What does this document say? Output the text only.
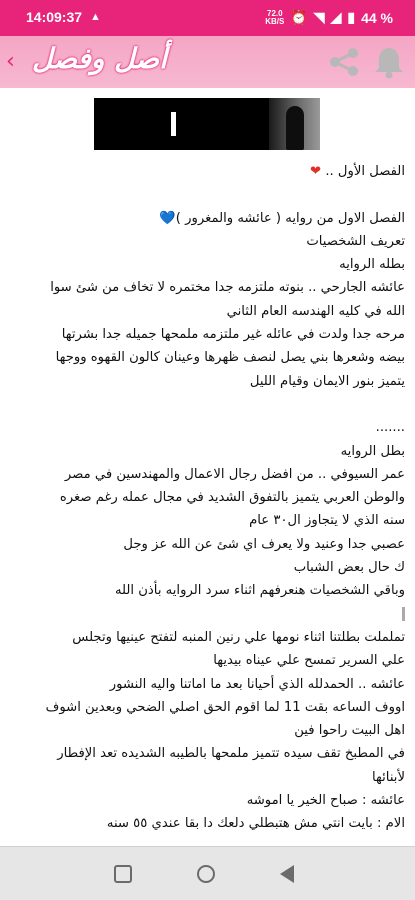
14:09:37 ▲	72.0
KB/S ⏰ ◥ ◢ ▮ 44 %
‹ أصل وفصل
الفصل الأول .. ❤
الفصل الاول من روايه ( عائشه والمغرور )💙
تعريف الشخصيات
بطله الروايه
عائشه الجارحي .. بنوته ملتزمه جدا مختمره لا تخاف من شئ سوا
الله في كليه الهندسه العام الثاني
مرحه جدا ولدت في عائله غير ملتزمه ملمحها جميله جدا بشرتها
بيضه وشعرها بني يصل لنصف ظهرها وعينان كالون القهوه ووجها
يتميز بنور الايمان وقيام الليل
.......
بطل الروايه
عمر السيوفي .. من افضل رجال الاعمال والمهندسين في مصر
والوطن العربي يتميز بالتفوق الشديد في مجال عمله رغم صغره
سنه الذي لا يتجاوز ال٣٠ عام
عصبي جدا وعنيد ولا يعرف اي شئ عن الله عز وجل
ك حال بعض الشباب
وباقي الشخصيات هنعرفهم اثناء سرد الروايه بأذن الله
تململت بطلتنا اثناء نومها علي رنين المنبه لتفتح عينيها وتجلس
علي السرير تمسح علي عيناه بيديها
عائشه .. الحمدلله الذي أحيانا بعد ما اماتنا واليه النشور
اووف الساعه بقت 11 لما اقوم الحق اصلي الضحي وبعدين اشوف
اهل البيت راحوا فين
في المطبخ تقف سيده تتميز ملمحها بالطيبه الشديده تعد الإفطار
لأبنائها
عائشه : صباح الخير يا اموشه
الام : بايت انتي مش هتبطلي دلعك دا بقا عندي ٥٥ سنه
